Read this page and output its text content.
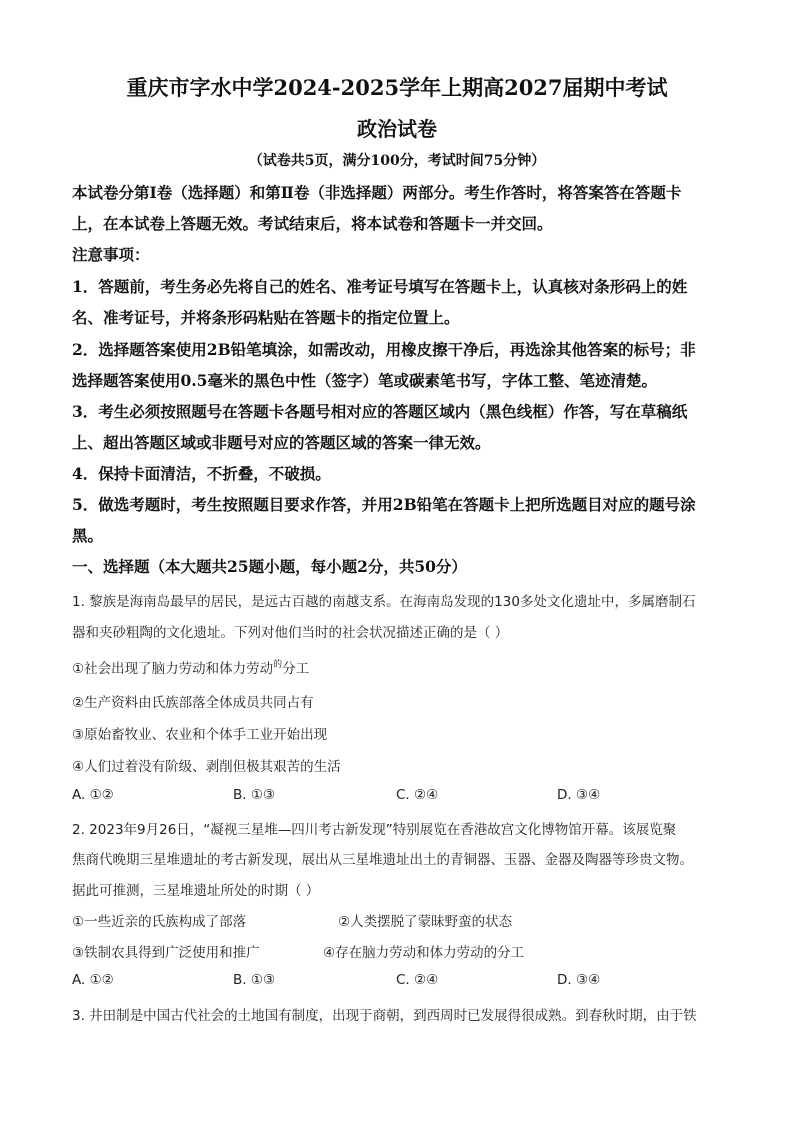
重庆市字水中学2024-2025学年上期高2027届期中考试
政治试卷
（试卷共5页，满分100分，考试时间75分钟）
本试卷分第Ⅰ卷（选择题）和第Ⅱ卷（非选择题）两部分。考生作答时，将答案答在答题卡
上，在本试卷上答题无效。考试结束后，将本试卷和答题卡一并交回。
注意事项：
1．答题前，考生务必先将自己的姓名、准考证号填写在答题卡上，认真核对条形码上的姓
名、准考证号，并将条形码粘贴在答题卡的指定位置上。
2．选择题答案使用2B铅笔填涂，如需改动，用橡皮擦干净后，再选涂其他答案的标号；非
选择题答案使用0.5毫米的黑色中性（签字）笔或碳素笔书写，字体工整、笔迹清楚。
3．考生必须按照题号在答题卡各题号相对应的答题区域内（黑色线框）作答，写在草稿纸
上、超出答题区域或非题号对应的答题区域的答案一律无效。
4．保持卡面清洁，不折叠，不破损。
5．做选考题时，考生按照题目要求作答，并用2B铅笔在答题卡上把所选题目对应的题号涂
黑。
一、选择题（本大题共25题小题，每小题2分，共50分）
1. 黎族是海南岛最早的居民，是远古百越的南越支系。在海南岛发现的130多处文化遗址中，多属磨制石
器和夹砂粗陶的文化遗址。下列对他们当时的社会状况描述正确的是（ ）
①社会出现了脑力劳动和体力劳动$^的$分工
②生产资料由氏族部落全体成员共同占有
③原始畜牧业、农业和个体手工业开始出现
④人们过着没有阶级、剥削但极其艰苦的生活
A. ①②	B. ①③	C. ②④	D. ③④
2. 2023年9月26日，“凝视三星堆—四川考古新发现”特别展览在香港故宫文化博物馆开幕。该展览聚
焦商代晚期三星堆遗址的考古新发现，展出从三星堆遗址出土的青铜器、玉器、金器及陶器等珍贵文物。
据此可推测，三星堆遗址所处的时期（ ）
①一些近亲的氏族构成了部落	②人类摆脱了蒙昧野蛮的状态
③铁制农具得到广泛使用和推广	④存在脑力劳动和体力劳动的分工
A. ①②	B. ①③	C. ②④	D. ③④
3. 井田制是中国古代社会的土地国有制度，出现于商朝，到西周时已发展得很成熟。到春秋时期，由于铁
